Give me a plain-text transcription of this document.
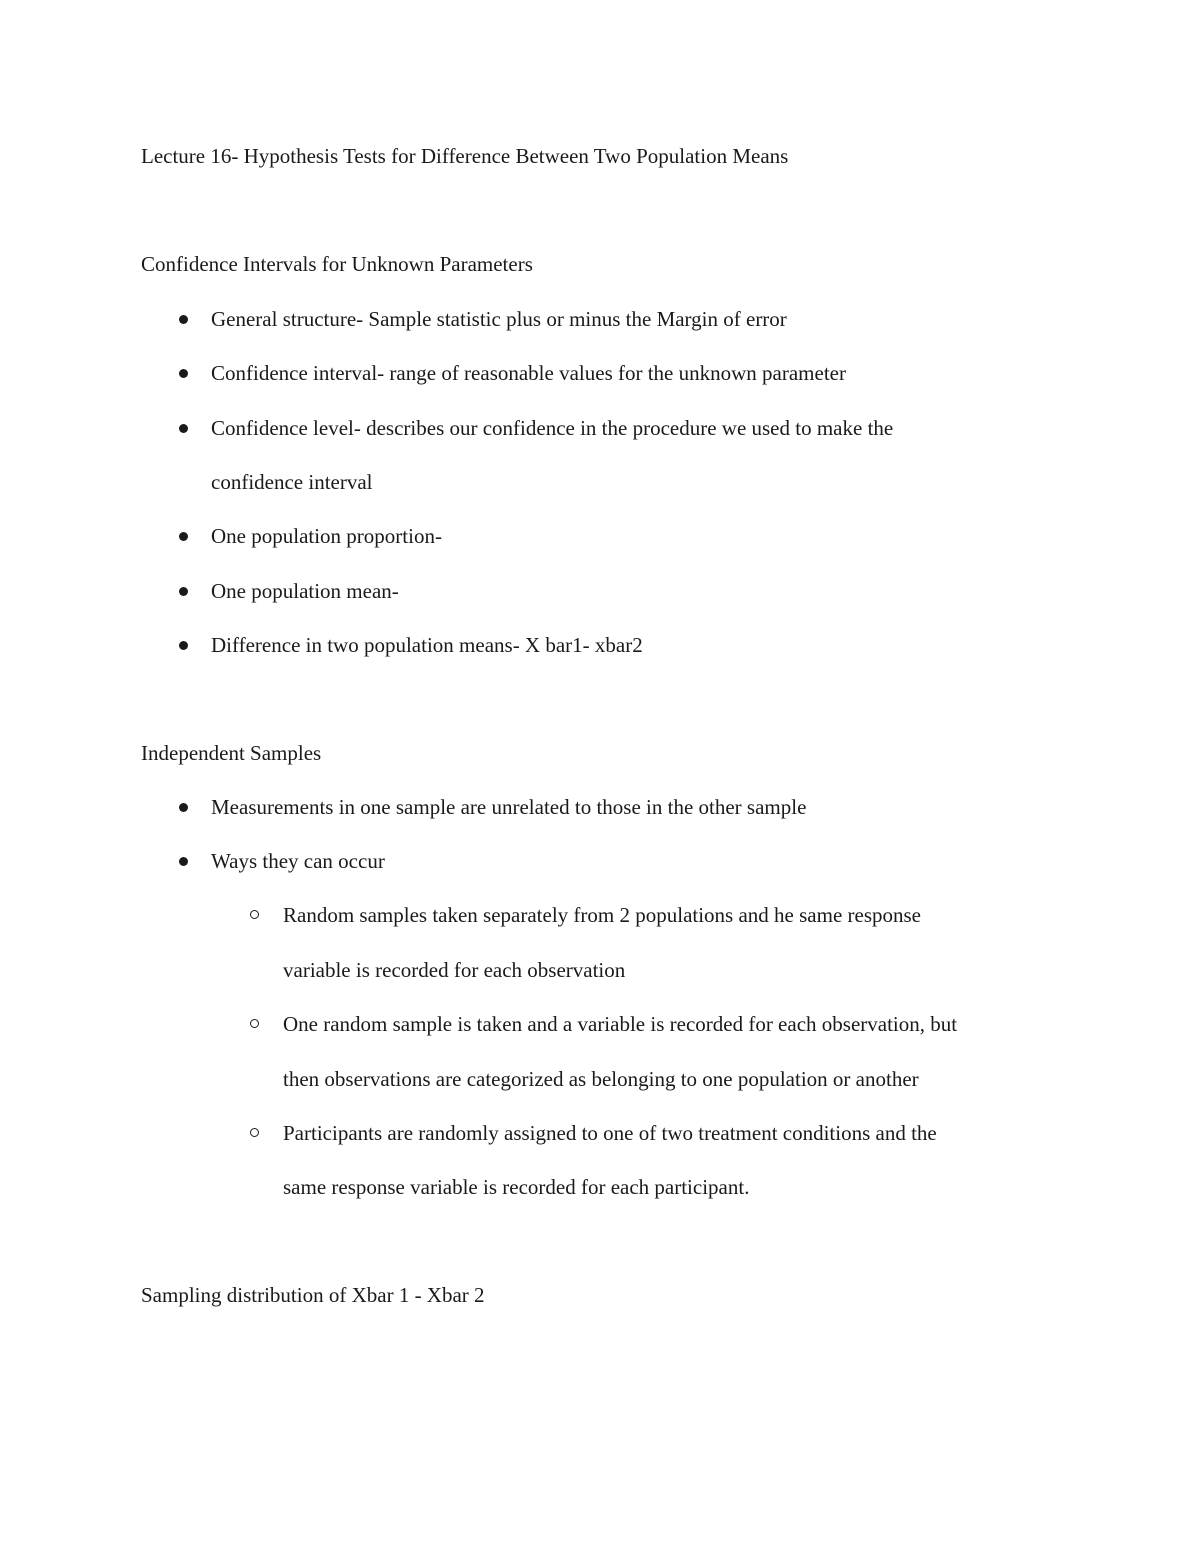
Lecture 16- Hypothesis Tests for Difference Between Two Population Means
Confidence Intervals for Unknown Parameters
General structure- Sample statistic plus or minus the Margin of error
Confidence interval- range of reasonable values for the unknown parameter
Confidence level- describes our confidence in the procedure we used to make the
confidence interval
One population proportion-
One population mean-
Difference in two population means- X bar1- xbar2
Independent Samples
Measurements in one sample are unrelated to those in the other sample
Ways they can occur
Random samples taken separately from 2 populations and he same response
variable is recorded for each observation
One random sample is taken and a variable is recorded for each observation, but
then observations are categorized as belonging to one population or another
Participants are randomly assigned to one of two treatment conditions and the
same response variable is recorded for each participant.
Sampling distribution of Xbar 1 - Xbar 2
